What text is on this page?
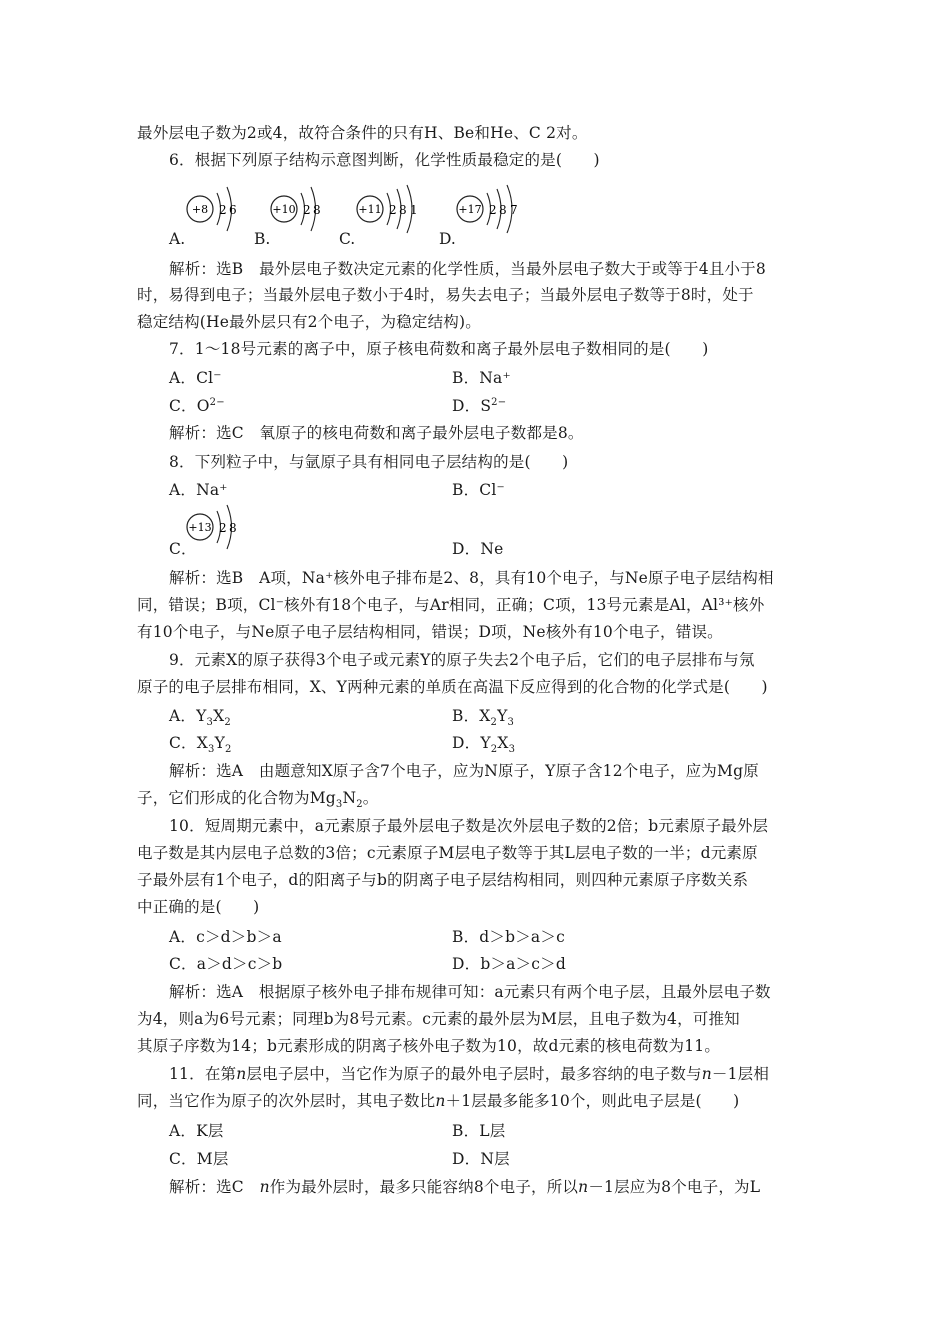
最外层电子数为2或4，故符合条件的只有H、Be和He、C 2对。
6．根据下列原子结构示意图判断，化学性质最稳定的是(　　)
+8 2 6	+10 2 8	+11 2 8 1	+17 2 8 7
A.	B.	C.	D.
解析：选B　最外层电子数决定元素的化学性质，当最外层电子数大于或等于4且小于8
时，易得到电子；当最外层电子数小于4时，易失去电子；当最外层电子数等于8时，处于
稳定结构(He最外层只有2个电子，为稳定结构)。
7．1～18号元素的离子中，原子核电荷数和离子最外层电子数相同的是(　　)
A．Cl⁻	B．Na⁺
C．$O^{2-}$	D．$S^{2-}$
解析：选C　氧原子的核电荷数和离子最外层电子数都是8。
8．下列粒子中，与氩原子具有相同电子层结构的是(　　)
A．Na⁺	B．Cl⁻
+13 2 8
C．	D．Ne
解析：选B　A项，Na⁺核外电子排布是2、8，具有10个电子，与Ne原子电子层结构相
同，错误；B项，Cl⁻核外有18个电子，与Ar相同，正确；C项，13号元素是Al，Al³⁺核外
有10个电子，与Ne原子电子层结构相同，错误；D项，Ne核外有10个电子，错误。
9．元素X的原子获得3个电子或元素Y的原子失去2个电子后，它们的电子层排布与氖
原子的电子层排布相同，X、Y两种元素的单质在高温下反应得到的化合物的化学式是(　　)
A．$Y_3X_2$	B．$X_2Y_3$
C．$X_3Y_2$	D．$Y_2X_3$
解析：选A　由题意知X原子含7个电子，应为N原子，Y原子含12个电子，应为Mg原
子，它们形成的化合物为$Mg_3N_2$。
10．短周期元素中，a元素原子最外层电子数是次外层电子数的2倍；b元素原子最外层
电子数是其内层电子总数的3倍；c元素原子M层电子数等于其L层电子数的一半；d元素原
子最外层有1个电子，d的阳离子与b的阴离子电子层结构相同，则四种元素原子序数关系
中正确的是(　　)
A．c＞d＞b＞a	B．d＞b＞a＞c
C．a＞d＞c＞b	D．b＞a＞c＞d
解析：选A　根据原子核外电子排布规律可知：a元素只有两个电子层，且最外层电子数
为4，则a为6号元素；同理b为8号元素。c元素的最外层为M层，且电子数为4，可推知
其原子序数为14；b元素形成的阴离子核外电子数为10，故d元素的核电荷数为11。
11．在第n层电子层中，当它作为原子的最外电子层时，最多容纳的电子数与n－1层相
同，当它作为原子的次外层时，其电子数比n＋1层最多能多10个，则此电子层是(　　)
A．K层	B．L层
C．M层	D．N层
解析：选C　n作为最外层时，最多只能容纳8个电子，所以n－1层应为8个电子，为L
